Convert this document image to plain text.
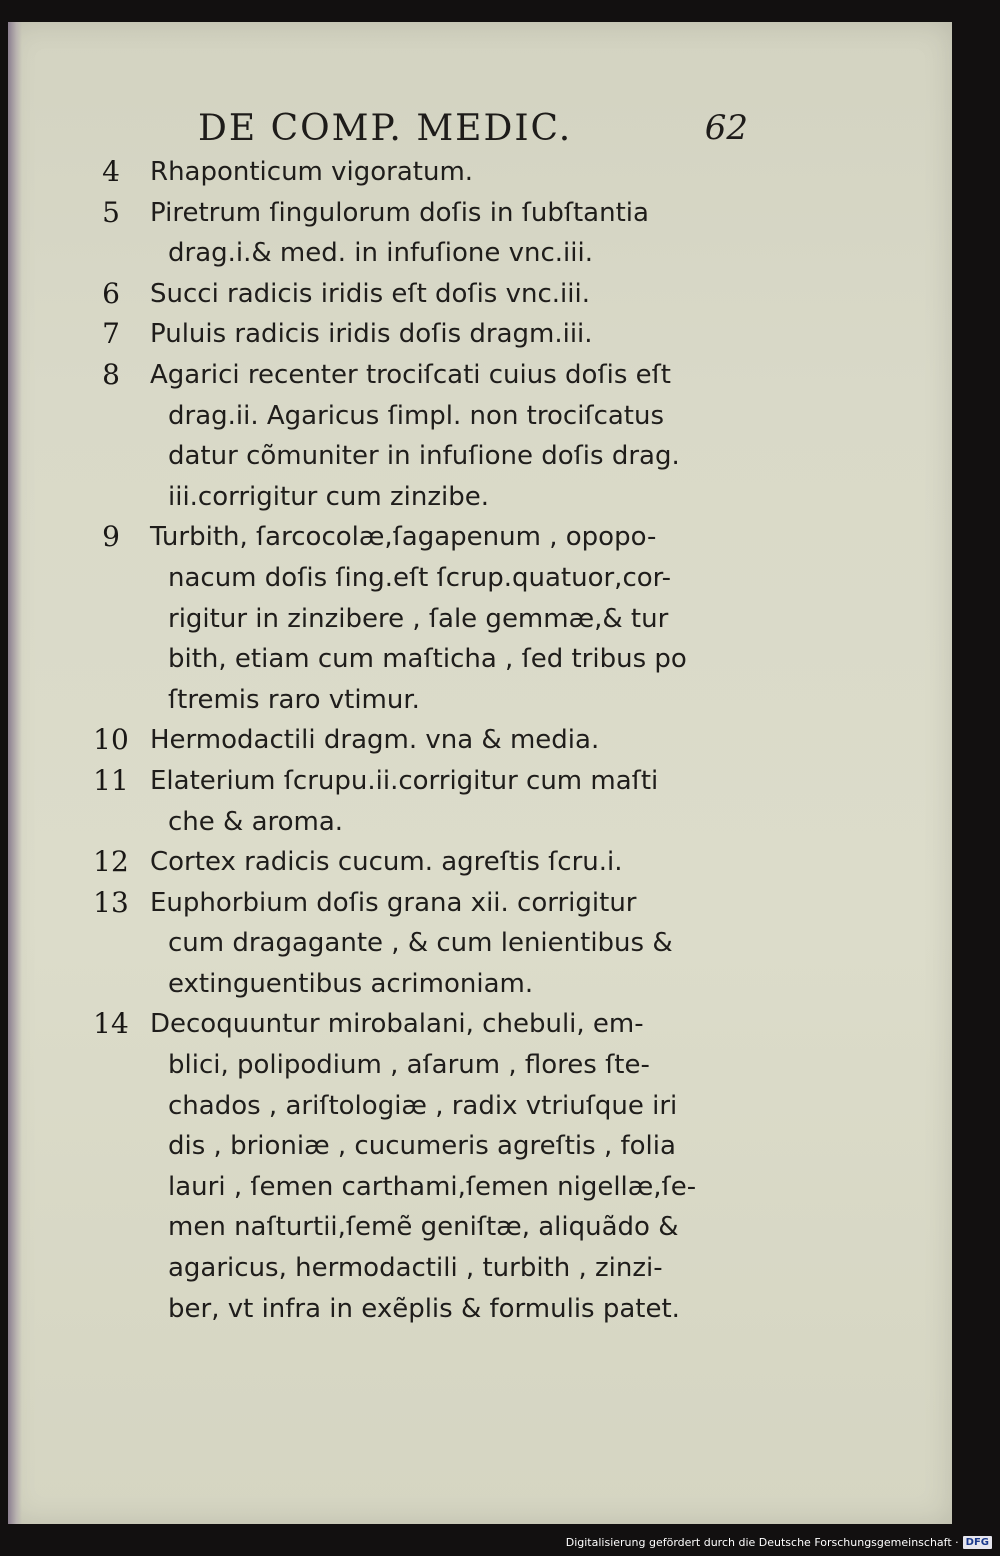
DE COMP. MEDIC.	62
4	Rhaponticum vigoratum.
5	Piretrum ſingulorum doſis in ſubſtantia
drag.i.& med. in infuſione vnc.iii.
6	Succi radicis iridis eſt doſis vnc.iii.
7	Puluis radicis iridis doſis dragm.iii.
8	Agarici recenter trociſcati cuius doſis eſt
drag.ii. Agaricus ſimpl. non trociſcatus
datur cõmuniter in infuſione doſis drag.
iii.corrigitur cum zinzibe.
9	Turbith, ſarcocolæ,ſagapenum , opopo-
nacum doſis ſing.eſt ſcrup.quatuor,cor-
rigitur in zinzibere , ſale gemmæ,& tur
bith, etiam cum maſticha , ſed tribus po
ſtremis raro vtimur.
10 Hermodactili dragm. vna & media.
11 Elaterium ſcrupu.ii.corrigitur cum maſti
che & aroma.
12 Cortex radicis cucum. agreſtis ſcru.i.
13 Euphorbium doſis grana xii. corrigitur
cum dragagante , & cum lenientibus &
extinguentibus acrimoniam.
14 Decoquuntur mirobalani, chebuli, em-
blici, polipodium , aſarum , flores ſte-
chados , ariſtologiæ , radix vtriuſque iri
dis , brioniæ , cucumeris agreſtis , folia
lauri , ſemen carthami,ſemen nigellæ,ſe-
men naſturtii,ſemẽ geniſtæ, aliquãdo &
agaricus, hermodactili , turbith , zinzi-
ber, vt infra in exẽplis & formulis patet.
Digitalisierung gefördert durch die Deutsche Forschungsgemeinschaft · DFG
